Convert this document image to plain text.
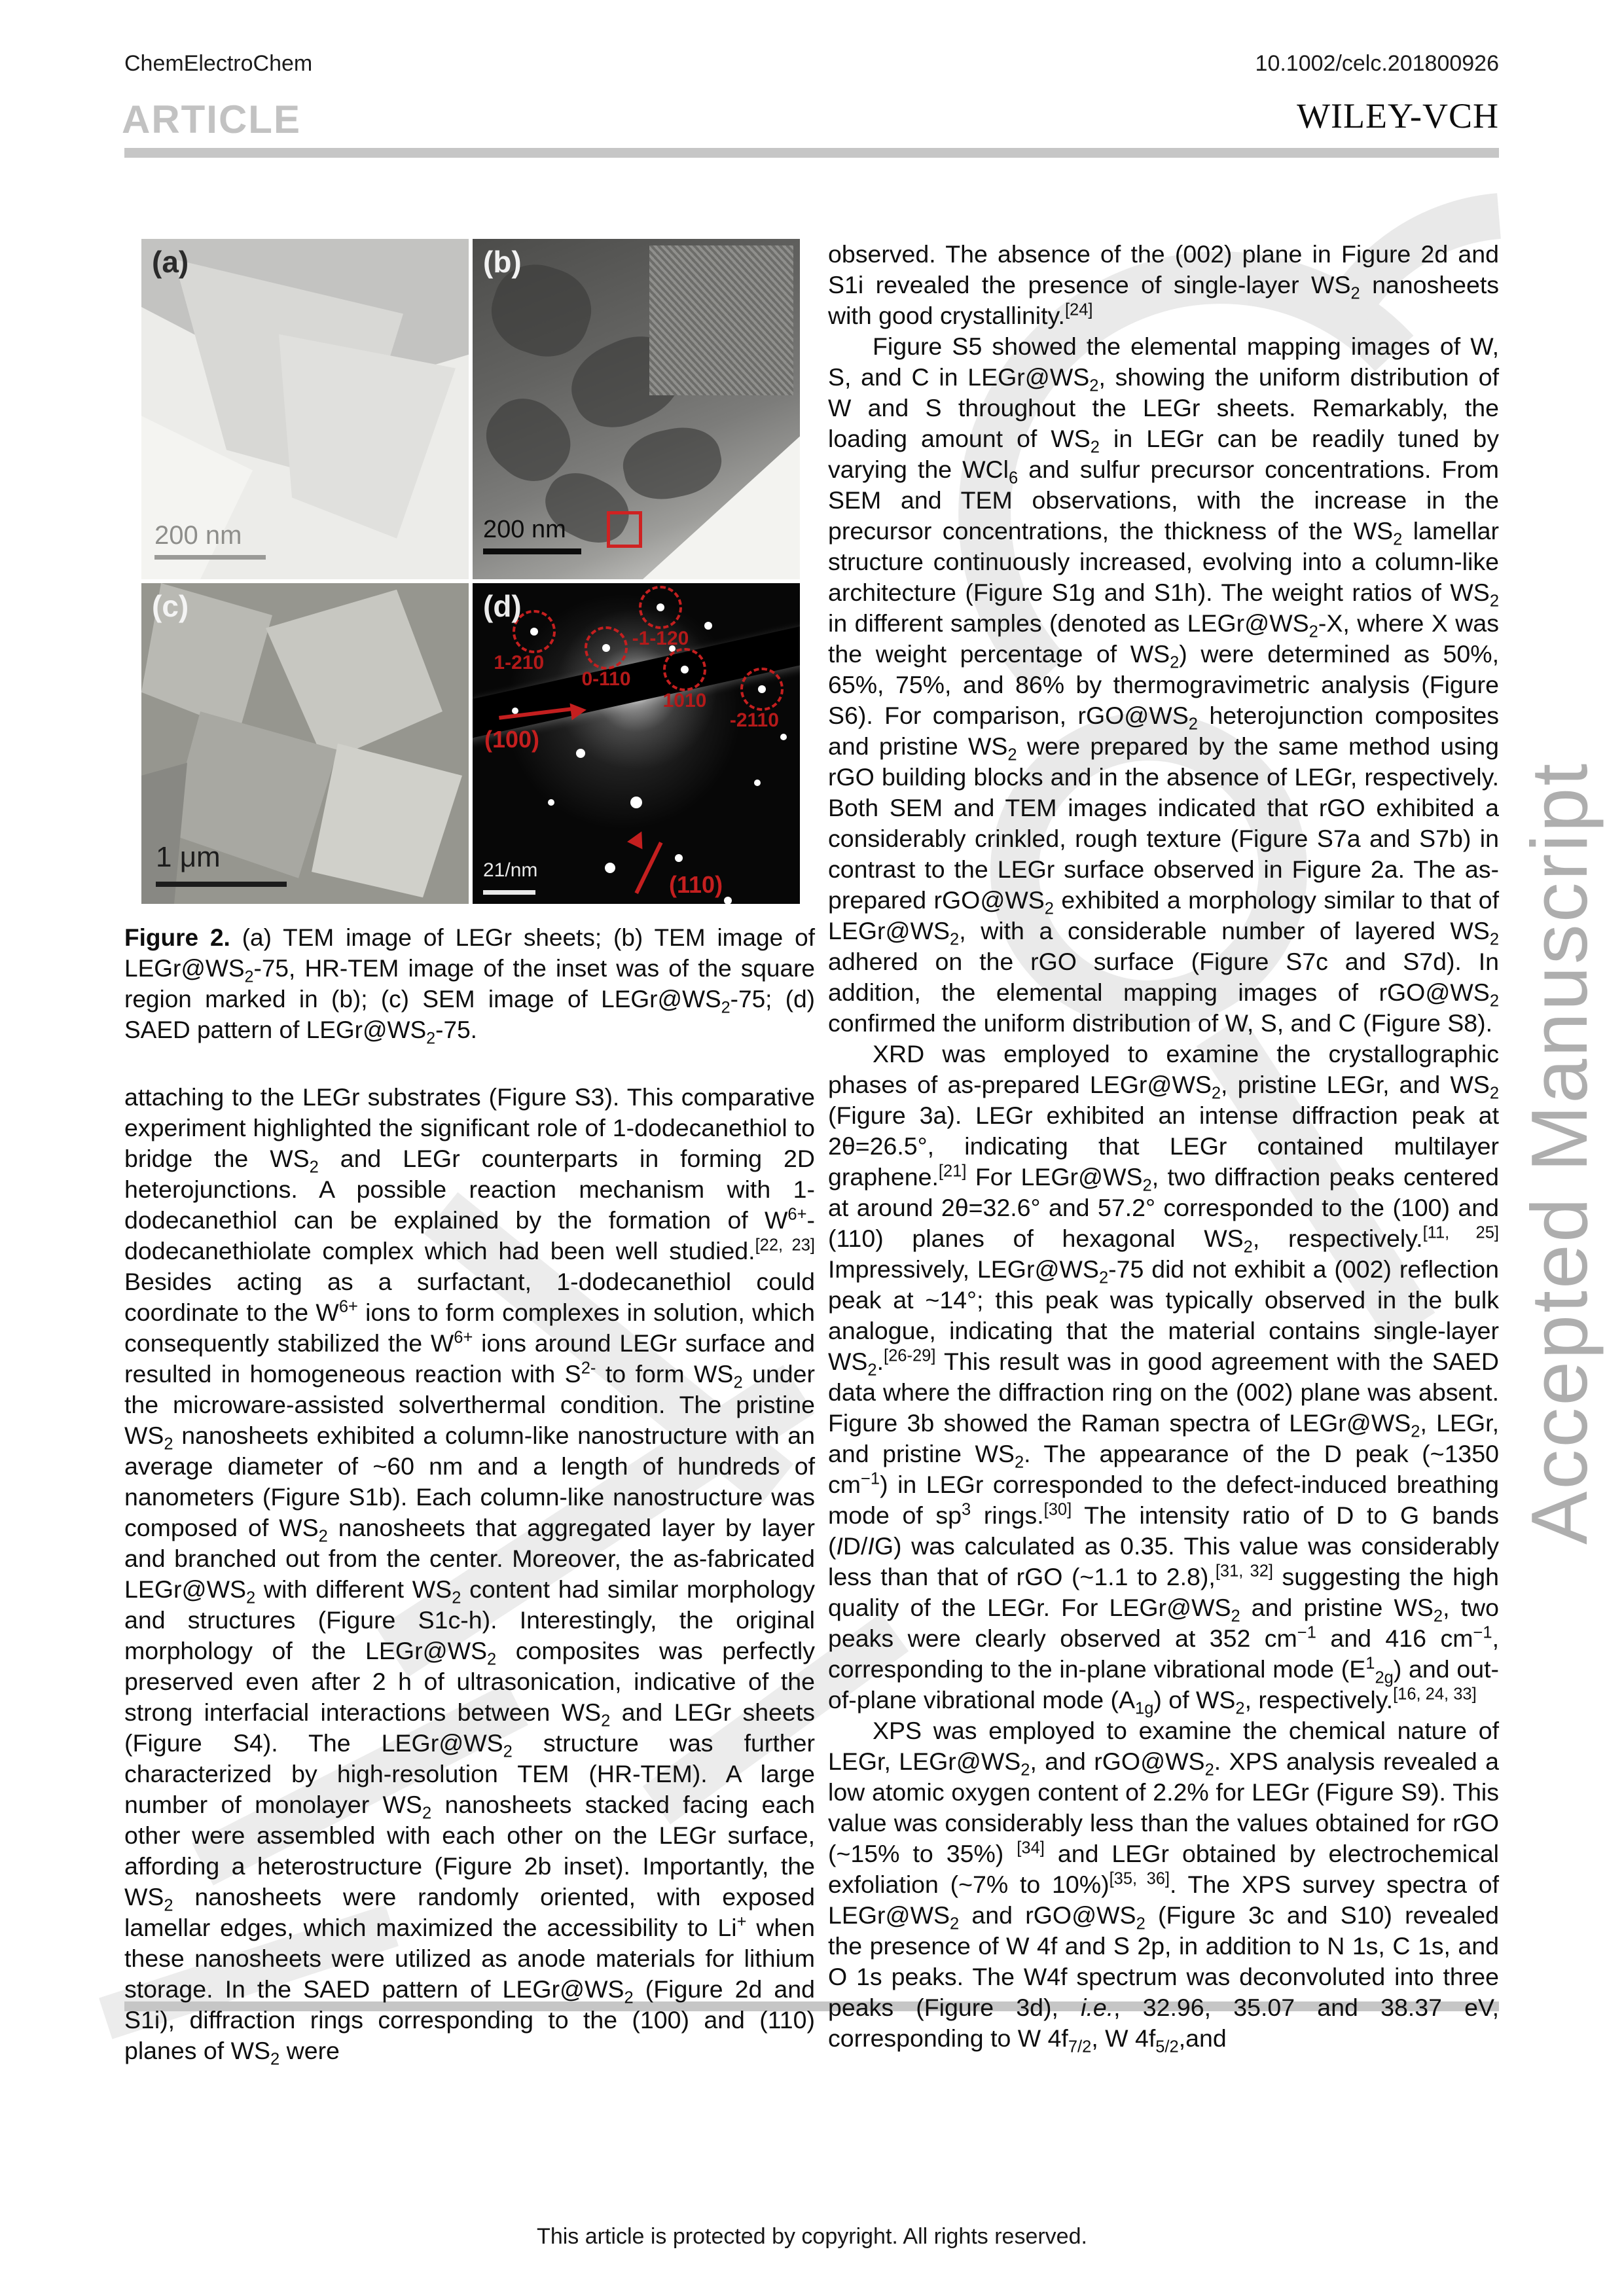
Accepted Manuscript
ChemElectroChem	10.1002/celc.201800926
ARTICLE	WILEY-VCH
(a)
200 nm
(b)
200 nm
(c)
1 μm
-1-120
1-210
0-110
1010
-2110
(100)
(110)
(d)
21/nm
Figure 2. (a) TEM image of LEGr sheets; (b) TEM image of $LEGr@WS_2-75$, HR-TEM image of the inset was of the square region marked in (b); (c) SEM image of $LEGr@WS_2-75$; (d) SAED pattern of $LEGr@WS_2-75$.

attaching to the LEGr substrates (Figure S3). This comparative experiment highlighted the significant role of 1-dodecanethiol to bridge the $WS_2$ and LEGr counterparts in forming 2D heterojunctions. A possible reaction mechanism with 1-dodecanethiol can be explained by the formation of $W^{6+}$-dodecanethiolate complex which had been well studied.[22, 23] Besides acting as a surfactant, 1-dodecanethiol could coordinate to the $W^{6+}$ ions to form complexes in solution, which consequently stabilized the $W^{6+}$ ions around LEGr surface and resulted in homogeneous reaction with $S^{2-}$ to form $WS_2$ under the microware-assisted solverthermal condition. The pristine $WS_2$ nanosheets exhibited a column-like nanostructure with an average diameter of ~60 nm and a length of hundreds of nanometers (Figure S1b). Each column-like nanostructure was composed of $WS_2$ nanosheets that aggregated layer by layer and branched out from the center. Moreover, the as-fabricated $LEGr@WS_2$ with different $WS_2$ content had similar morphology and structures (Figure S1c-h). Interestingly, the original morphology of the $LEGr@WS_2$ composites was perfectly preserved even after 2 h of ultrasonication, indicative of the strong interfacial interactions between $WS_2$ and LEGr sheets (Figure S4). The $LEGr@WS_2$ structure was further characterized by high-resolution TEM (HR-TEM). A large number of monolayer $WS_2$ nanosheets stacked facing each other were assembled with each other on the LEGr surface, affording a heterostructure (Figure 2b inset). Importantly, the $WS_2$ nanosheets were randomly oriented, with exposed lamellar edges, which maximized the accessibility to Li+ when these nanosheets were utilized as anode materials for lithium storage. In the SAED pattern of $LEGr@WS_2$ (Figure 2d and S1i), diffraction rings corresponding to the (100) and (110) planes of $WS_2$ were

observed. The absence of the (002) plane in Figure 2d and S1i revealed the presence of single-layer $WS_2$ nanosheets with good crystallinity.[24]

Figure S5 showed the elemental mapping images of W, S, and C in $LEGr@WS_2$, showing the uniform distribution of W and S throughout the LEGr sheets. Remarkably, the loading amount of $WS_2$ in LEGr can be readily tuned by varying the WCl$_6$ and sulfur precursor concentrations. From SEM and TEM observations, with the increase in the precursor concentrations, the thickness of the $WS_2$ lamellar structure continuously increased, evolving into a column-like architecture (Figure S1g and S1h). The weight ratios of $WS_2$ in different samples (denoted as $LEGr@WS_2-X$, where X was the weight percentage of $WS_2$) were determined as 50%, 65%, 75%, and 86% by thermogravimetric analysis (Figure S6). For comparison, $rGO@WS_2$ heterojunction composites and pristine $WS_2$ were prepared by the same method using rGO building blocks and in the absence of LEGr, respectively. Both SEM and TEM images indicated that rGO exhibited a considerably crinkled, rough texture (Figure S7a and S7b) in contrast to the LEGr surface observed in Figure 2a. The as-prepared $rGO@WS_2$ exhibited a morphology similar to that of $LEGr@WS_2$, with a considerable number of layered $WS_2$ adhered on the rGO surface (Figure S7c and S7d). In addition, the elemental mapping images of $rGO@WS_2$ confirmed the uniform distribution of W, S, and C (Figure S8).

XRD was employed to examine the crystallographic phases of as-prepared $LEGr@WS_2$, pristine LEGr, and $WS_2$ (Figure 3a). LEGr exhibited an intense diffraction peak at 2θ=26.5°, indicating that LEGr contained multilayer graphene.[21] For $LEGr@WS_2$, two diffraction peaks centered at around 2θ=32.6° and 57.2° corresponded to the (100) and (110) planes of hexagonal $WS_2$, respectively.[11, 25] Impressively, $LEGr@WS_2-75$ did not exhibit a (002) reflection peak at ~14°; this peak was typically observed in the bulk analogue, indicating that the material contains single-layer $WS_2.[26-29]$ This result was in good agreement with the SAED data where the diffraction ring on the (002) plane was absent. Figure 3b showed the Raman spectra of $LEGr@WS_2$, LEGr, and pristine $WS_2$. The appearance of the D peak (~1350 $cm^{-1}$) in LEGr corresponded to the defect-induced breathing mode of $sp^3$ rings.[30] The intensity ratio of D to G bands (ID/IG) was calculated as 0.35. This value was considerably less than that of rGO (~1.1 to 2.8),[31, 32] suggesting the high quality of the LEGr. For $LEGr@WS_2$ and pristine $WS_2$, two peaks were clearly observed at 352 $cm^{-1}$ and 416 $cm^{-1}$, corresponding to the in-plane vibrational mode $(E^1_{2g})$ and out-of-plane vibrational mode $(A_{1g})$ of $WS_2$, respectively.[16, 24, 33]

XPS was employed to examine the chemical nature of LEGr, $LEGr@WS_2$, and $rGO@WS_2$. XPS analysis revealed a low atomic oxygen content of 2.2% for LEGr (Figure S9). This value was considerably less than the values obtained for rGO (~15% to 35%) [34] and LEGr obtained by electrochemical exfoliation (~7% to 10%)[35, 36]. The XPS survey spectra of $LEGr@WS_2$ and $rGO@WS_2$ (Figure 3c and S10) revealed the presence of W 4f and S 2p, in addition to N 1s, C 1s, and O 1s peaks. The W4f spectrum was deconvoluted into three peaks (Figure 3d), i.e., 32.96, 35.07 and 38.37 eV, corresponding to W $4f_{7/2}$, W $4f_{5/2},and$

This article is protected by copyright. All rights reserved.
